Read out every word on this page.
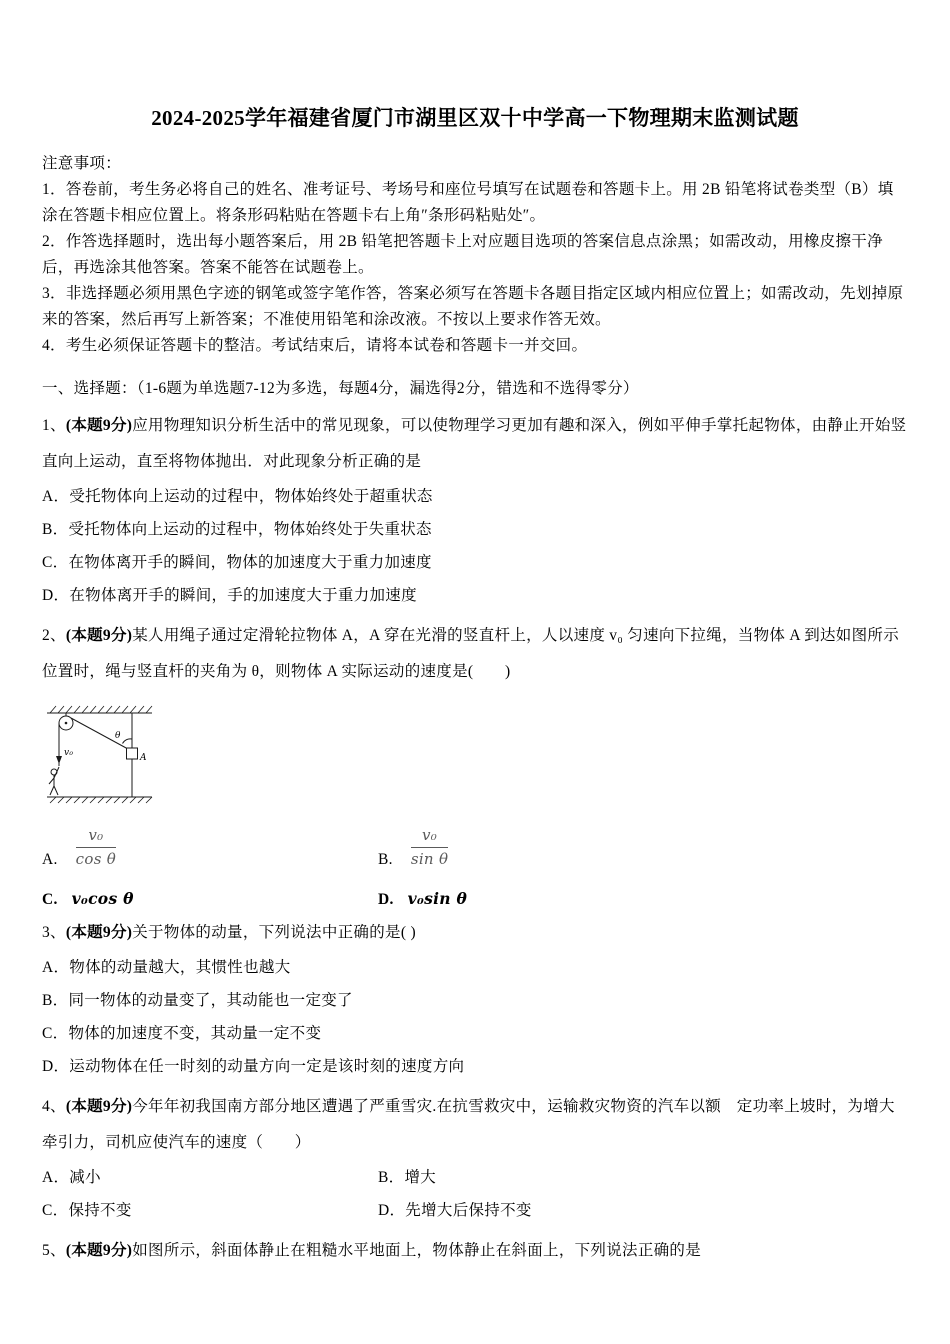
2024-2025学年福建省厦门市湖里区双十中学高一下物理期末监测试题

注意事项：

1．答卷前，考生务必将自己的姓名、准考证号、考场号和座位号填写在试题卷和答题卡上。用 2B 铅笔将试卷类型（B）填涂在答题卡相应位置上。将条形码粘贴在答题卡右上角″条形码粘贴处″。

2．作答选择题时，选出每小题答案后，用 2B 铅笔把答题卡上对应题目选项的答案信息点涂黑；如需改动，用橡皮擦干净后，再选涂其他答案。答案不能答在试题卷上。

3．非选择题必须用黑色字迹的钢笔或签字笔作答，答案必须写在答题卡各题目指定区域内相应位置上；如需改动，先划掉原来的答案，然后再写上新答案；不准使用铅笔和涂改液。不按以上要求作答无效。

4．考生必须保证答题卡的整洁。考试结束后，请将本试卷和答题卡一并交回。

一、选择题：（1-6题为单选题7-12为多选，每题4分，漏选得2分，错选和不选得零分）

1、(本题9分)应用物理知识分析生活中的常见现象，可以使物理学习更加有趣和深入，例如平伸手掌托起物体，由静止开始竖直向上运动，直至将物体抛出．对此现象分析正确的是

A．受托物体向上运动的过程中，物体始终处于超重状态
B．受托物体向上运动的过程中，物体始终处于失重状态
C．在物体离开手的瞬间，物体的加速度大于重力加速度
D．在物体离开手的瞬间，手的加速度大于重力加速度

2、(本题9分)某人用绳子通过定滑轮拉物体 A，A 穿在光滑的竖直杆上，人以速度 v₀ 匀速向下拉绳，当物体 A 到达如图所示位置时，绳与竖直杆的夹角为 θ，则物体 A 实际运动的速度是(　　)

v₀
θ
A
A. $\frac{\text{v₀}}{\text{cos θ}}$	B. $\frac{\text{v₀}}{\text{sin θ}}$
C. v₀cos θ	D. v₀sin θ

3、(本题9分)关于物体的动量，下列说法中正确的是( )

A．物体的动量越大，其惯性也越大
B．同一物体的动量变了，其动能也一定变了
C．物体的加速度不变，其动量一定不变
D．运动物体在任一时刻的动量方向一定是该时刻的速度方向

4、(本题9分)今年年初我国南方部分地区遭遇了严重雪灾.在抗雪救灾中，运输救灾物资的汽车以额　定功率上坡时，为增大牵引力，司机应使汽车的速度（　　）

A．减小	B．增大
C．保持不变	D．先增大后保持不变

5、(本题9分)如图所示，斜面体静止在粗糙水平地面上，物体静止在斜面上，下列说法正确的是
